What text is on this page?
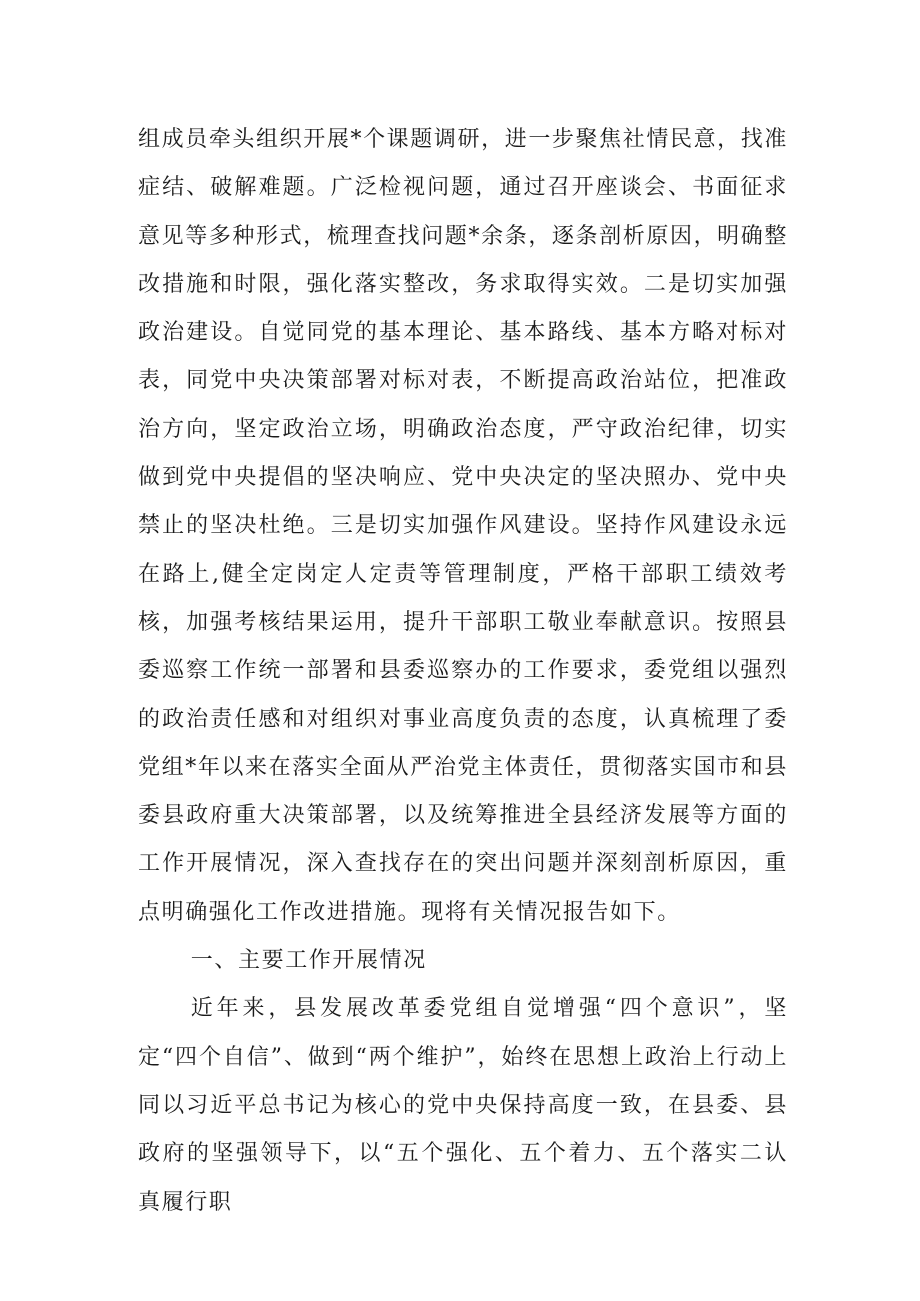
组成员牵头组织开展*个课题调研，进一步聚焦社情民意，找准症结、破解难题。广泛检视问题，通过召开座谈会、书面征求意见等多种形式，梳理查找问题*余条，逐条剖析原因，明确整改措施和时限，强化落实整改，务求取得实效。二是切实加强政治建设。自觉同党的基本理论、基本路线、基本方略对标对表，同党中央决策部署对标对表，不断提高政治站位，把准政治方向，坚定政治立场，明确政治态度，严守政治纪律，切实做到党中央提倡的坚决响应、党中央决定的坚决照办、党中央禁止的坚决杜绝。三是切实加强作风建设。坚持作风建设永远在路上,健全定岗定人定责等管理制度，严格干部职工绩效考核，加强考核结果运用，提升干部职工敬业奉献意识。按照县委巡察工作统一部署和县委巡察办的工作要求，委党组以强烈的政治责任感和对组织对事业高度负责的态度，认真梳理了委党组*年以来在落实全面从严治党主体责任，贯彻落实国市和县委县政府重大决策部署，以及统筹推进全县经济发展等方面的工作开展情况，深入查找存在的突出问题并深刻剖析原因，重点明确强化工作改进措施。现将有关情况报告如下。

一、主要工作开展情况

近年来，县发展改革委党组自觉增强“四个意识”，坚定“四个自信”、做到“两个维护”，始终在思想上政治上行动上同以习近平总书记为核心的党中央保持高度一致，在县委、县政府的坚强领导下，以“五个强化、五个着力、五个落实二认真履行职
